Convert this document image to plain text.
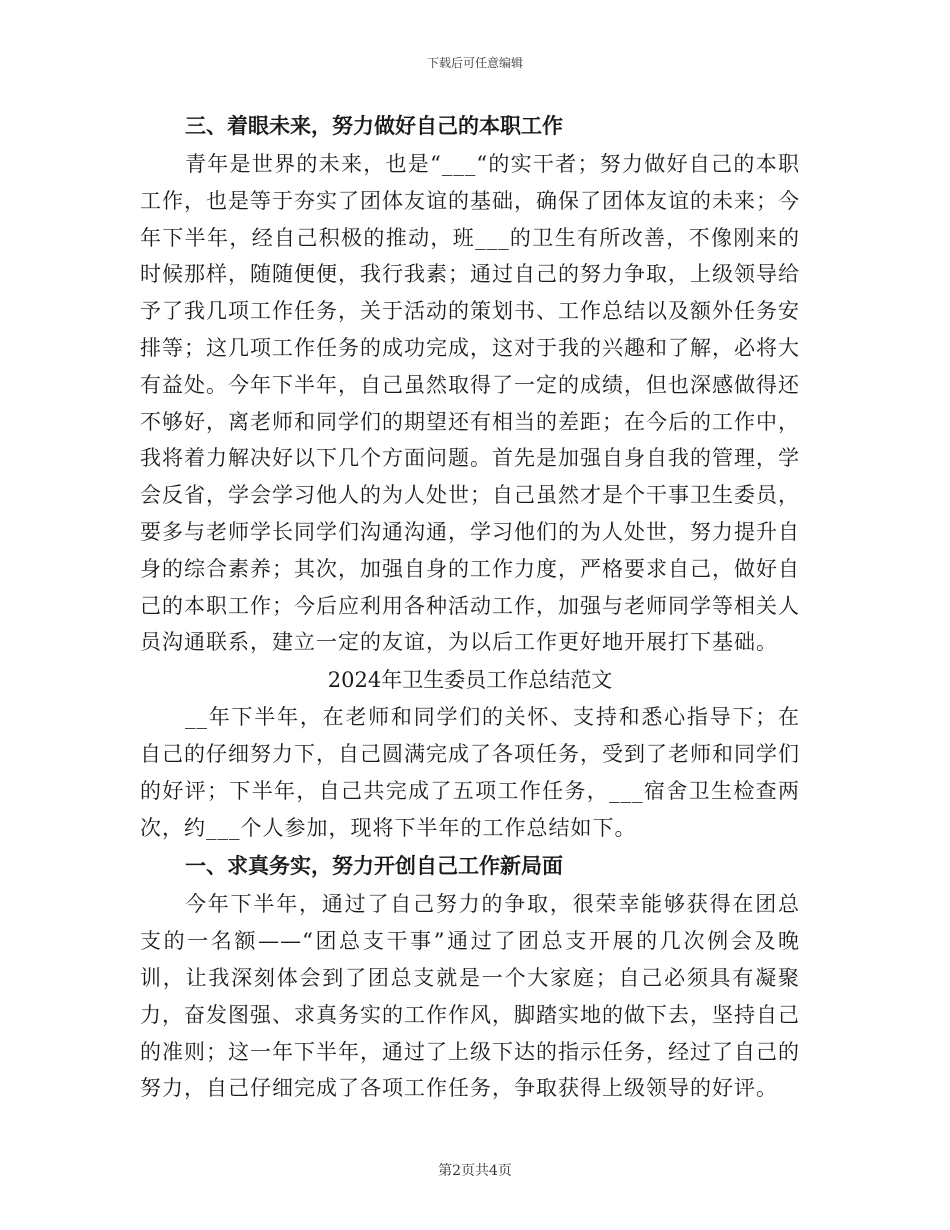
下载后可任意编辑

三、着眼未来，努力做好自己的本职工作

青年是世界的未来，也是“___“的实干者；努力做好自己的本职工作，也是等于夯实了团体友谊的基础，确保了团体友谊的未来；今年下半年，经自己积极的推动，班___的卫生有所改善，不像刚来的时候那样，随随便便，我行我素；通过自己的努力争取，上级领导给予了我几项工作任务，关于活动的策划书、工作总结以及额外任务安排等；这几项工作任务的成功完成，这对于我的兴趣和了解，必将大有益处。今年下半年，自己虽然取得了一定的成绩，但也深感做得还不够好，离老师和同学们的期望还有相当的差距；在今后的工作中，我将着力解决好以下几个方面问题。首先是加强自身自我的管理，学会反省，学会学习他人的为人处世；自己虽然才是个干事卫生委员，要多与老师学长同学们沟通沟通，学习他们的为人处世，努力提升自身的综合素养；其次，加强自身的工作力度，严格要求自己，做好自己的本职工作；今后应利用各种活动工作，加强与老师同学等相关人员沟通联系，建立一定的友谊，为以后工作更好地开展打下基础。

2024年卫生委员工作总结范文

__年下半年，在老师和同学们的关怀、支持和悉心指导下；在自己的仔细努力下，自己圆满完成了各项任务，受到了老师和同学们的好评；下半年，自己共完成了五项工作任务，___宿舍卫生检查两次，约___个人参加，现将下半年的工作总结如下。

一、求真务实，努力开创自己工作新局面

今年下半年，通过了自己努力的争取，很荣幸能够获得在团总支的一名额——“团总支干事”通过了团总支开展的几次例会及晚训，让我深刻体会到了团总支就是一个大家庭；自己必须具有凝聚力，奋发图强、求真务实的工作作风，脚踏实地的做下去，坚持自己的准则；这一年下半年，通过了上级下达的指示任务，经过了自己的努力，自己仔细完成了各项工作任务，争取获得上级领导的好评。

第2页共4页
